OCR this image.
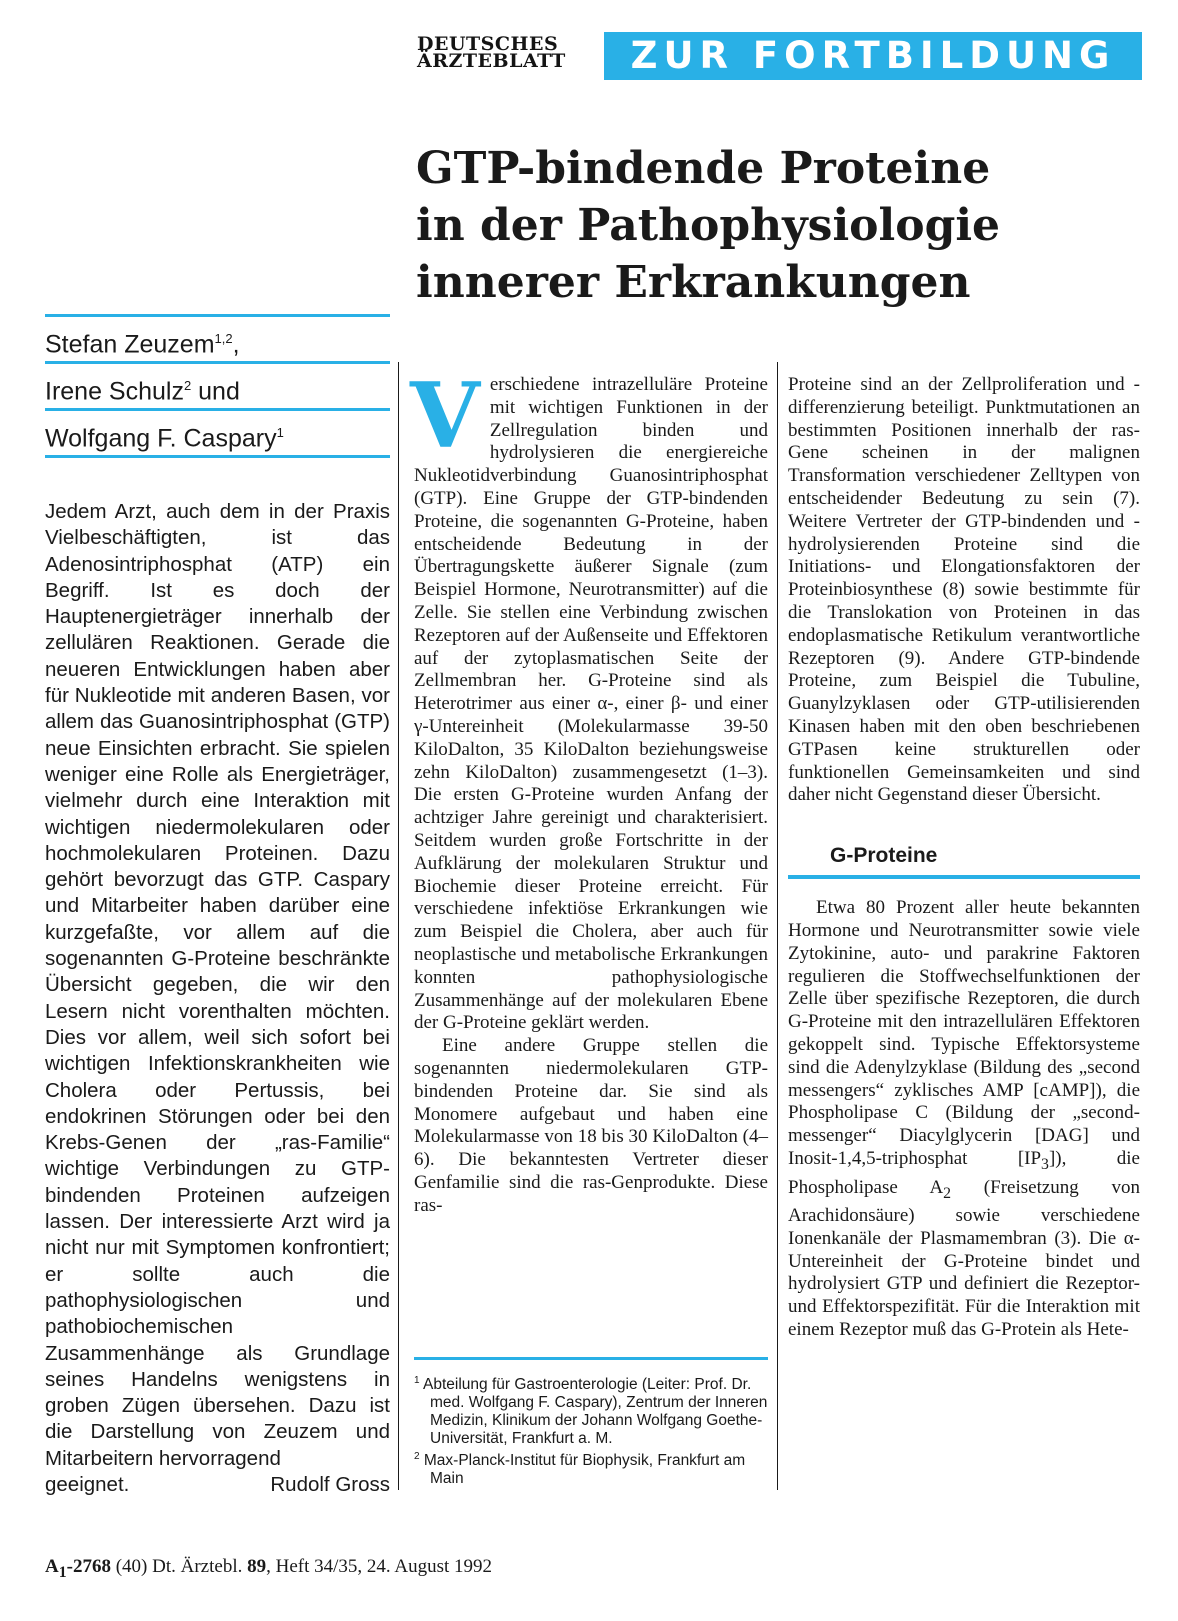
DEUTSCHES
ÄRZTEBLATT	ZUR FORTBILDUNG
GTP-bindende Proteine
in der Pathophysiologie
innerer Erkrankungen
Stefan Zeuzem$^{1,2}$,
Irene Schulz$^2$ und
Wolfgang F. Caspary$^1$

Jedem Arzt, auch dem in der Praxis Vielbeschäftigten, ist das Adenosintriphosphat (ATP) ein Begriff. Ist es doch der Hauptenergieträger innerhalb der zellulären Reaktionen. Gerade die neueren Entwicklungen haben aber für Nukleotide mit anderen Basen, vor allem das Guanosintriphosphat (GTP) neue Einsichten erbracht. Sie spielen weniger eine Rolle als Energieträger, vielmehr durch eine Interaktion mit wichtigen niedermolekularen oder hochmolekularen Proteinen. Dazu gehört bevorzugt das GTP. Caspary und Mitarbeiter haben darüber eine kurzgefaßte, vor allem auf die sogenannten G-Proteine beschränkte Übersicht gegeben, die wir den Lesern nicht vorenthalten möchten. Dies vor allem, weil sich sofort bei wichtigen Infektionskrankheiten wie Cholera oder Pertussis, bei endokrinen Störungen oder bei den Krebs-Genen der „ras-Familie“ wichtige Verbindungen zu GTP-bindenden Proteinen aufzeigen lassen. Der interessierte Arzt wird ja nicht nur mit Symptomen konfrontiert; er sollte auch die pathophysiologischen und pathobiochemischen Zusammenhänge als Grundlage seines Handelns wenigstens in groben Zügen übersehen. Dazu ist die Darstellung von Zeuzem und Mitarbeitern hervorragend

geeignet.	Rudolf Gross

Verschiedene intrazelluläre Proteine mit wichtigen Funktionen in der Zellregulation binden und hydrolysieren die energiereiche Nukleotidverbindung Guanosintriphosphat (GTP). Eine Gruppe der GTP-bindenden Proteine, die sogenannten G-Proteine, haben entscheidende Bedeutung in der Übertragungskette äußerer Signale (zum Beispiel Hormone, Neurotransmitter) auf die Zelle. Sie stellen eine Verbindung zwischen Rezeptoren auf der Außenseite und Effektoren auf der zytoplasmatischen Seite der Zellmembran her. G-Proteine sind als Heterotrimer aus einer α-, einer β- und einer γ-Untereinheit (Molekularmasse 39-50 KiloDalton, 35 KiloDalton beziehungsweise zehn KiloDalton) zusammengesetzt (1–3). Die ersten G-Proteine wurden Anfang der achtziger Jahre gereinigt und charakterisiert. Seitdem wurden große Fortschritte in der Aufklärung der molekularen Struktur und Biochemie dieser Proteine erreicht. Für verschiedene infektiöse Erkrankungen wie zum Beispiel die Cholera, aber auch für neoplastische und metabolische Erkrankungen konnten pathophysiologische Zusammenhänge auf der molekularen Ebene der G-Proteine geklärt werden.

Eine andere Gruppe stellen die sogenannten niedermolekularen GTP-bindenden Proteine dar. Sie sind als Monomere aufgebaut und haben eine Molekularmasse von 18 bis 30 KiloDalton (4–6). Die bekanntesten Vertreter dieser Genfamilie sind die ras-Genprodukte. Diese ras-

$^1$ Abteilung für Gastroenterologie (Leiter: Prof. Dr. med. Wolfgang F. Caspary), Zentrum der Inneren Medizin, Klinikum der Johann Wolfgang Goethe-Universität, Frankfurt a. M.

$^2$ Max-Planck-Institut für Biophysik, Frankfurt am Main

Proteine sind an der Zellproliferation und -differenzierung beteiligt. Punktmutationen an bestimmten Positionen innerhalb der ras-Gene scheinen in der malignen Transformation verschiedener Zelltypen von entscheidender Bedeutung zu sein (7). Weitere Vertreter der GTP-bindenden und -hydrolysierenden Proteine sind die Initiations- und Elongationsfaktoren der Proteinbiosynthese (8) sowie bestimmte für die Translokation von Proteinen in das endoplasmatische Retikulum verantwortliche Rezeptoren (9). Andere GTP-bindende Proteine, zum Beispiel die Tubuline, Guanylzyklasen oder GTP-utilisierenden Kinasen haben mit den oben beschriebenen GTPasen keine strukturellen oder funktionellen Gemeinsamkeiten und sind daher nicht Gegenstand dieser Übersicht.

G-Proteine

Etwa 80 Prozent aller heute bekannten Hormone und Neurotransmitter sowie viele Zytokinine, auto- und parakrine Faktoren regulieren die Stoffwechselfunktionen der Zelle über spezifische Rezeptoren, die durch G-Proteine mit den intrazellulären Effektoren gekoppelt sind. Typische Effektorsysteme sind die Adenylzyklase (Bildung des „second messengers“ zyklisches AMP [cAMP]), die Phospholipase C (Bildung der „second-messenger“ Diacylglycerin [DAG] und Inosit-1,4,5-triphosphat $[IP_3]$), die Phospholipase $A_2$ (Freisetzung von Arachidonsäure) sowie verschiedene Ionenkanäle der Plasmamembran (3). Die α-Untereinheit der G-Proteine bindet und hydrolysiert GTP und definiert die Rezeptor- und Effektorspezifität. Für die Interaktion mit einem Rezeptor muß das G-Protein als Hete-

$A_1-2768$ (40) Dt. Ärztebl. 89, Heft 34/35, 24. August 1992
